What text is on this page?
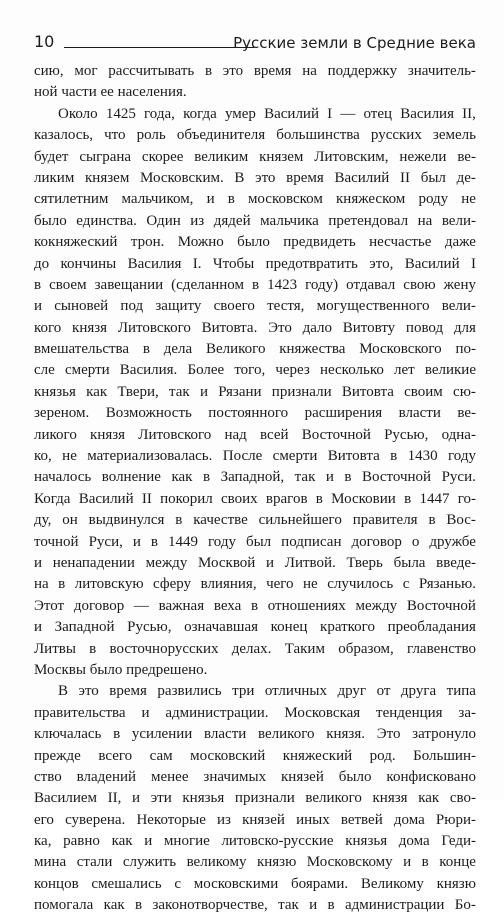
10	Русские земли в Средние века
сию, мог рассчитывать в это время на поддержку значитель-
ной части ее населения.
Около 1425 года, когда умер Василий I — отец Василия II,
казалось, что роль объединителя большинства русских земель
будет сыграна скорее великим князем Литовским, нежели ве-
ликим князем Московским. В это время Василий II был де-
сятилетним мальчиком, и в московском княжеском роду не
было единства. Один из дядей мальчика претендовал на вели-
кокняжеский трон. Можно было предвидеть несчастье даже
до кончины Василия I. Чтобы предотвратить это, Василий I
в своем завещании (сделанном в 1423 году) отдавал свою жену
и сыновей под защиту своего тестя, могущественного вели-
кого князя Литовского Витовта. Это дало Витовту повод для
вмешательства в дела Великого княжества Московского по-
сле смерти Василия. Более того, через несколько лет великие
князья как Твери, так и Рязани признали Витовта своим сю-
зереном. Возможность постоянного расширения власти ве-
ликого князя Литовского над всей Восточной Русью, одна-
ко, не материализовалась. После смерти Витовта в 1430 году
началось волнение как в Западной, так и в Восточной Руси.
Когда Василий II покорил своих врагов в Московии в 1447 го-
ду, он выдвинулся в качестве сильнейшего правителя в Вос-
точной Руси, и в 1449 году был подписан договор о дружбе
и ненападении между Москвой и Литвой. Тверь была введе-
на в литовскую сферу влияния, чего не случилось с Рязанью.
Этот договор — важная веха в отношениях между Восточной
и Западной Русью, означавшая конец краткого преобладания
Литвы в восточнорусских делах. Таким образом, главенство
Москвы было предрешено.
В это время развились три отличных друг от друга типа
правительства и администрации. Московская тенденция за-
ключалась в усилении власти великого князя. Это затронуло
прежде всего сам московский княжеский род. Большин-
ство владений менее значимых князей было конфисковано
Василием II, и эти князья признали великого князя как сво-
его суверена. Некоторые из князей иных ветвей дома Рюри-
ка, равно как и многие литовско-русские князья дома Геди-
мина стали служить великому князю Московскому и в конце
концов смешались с московскими боярами. Великому князю
помогала как в законотворчестве, так и в администрации Бо-
